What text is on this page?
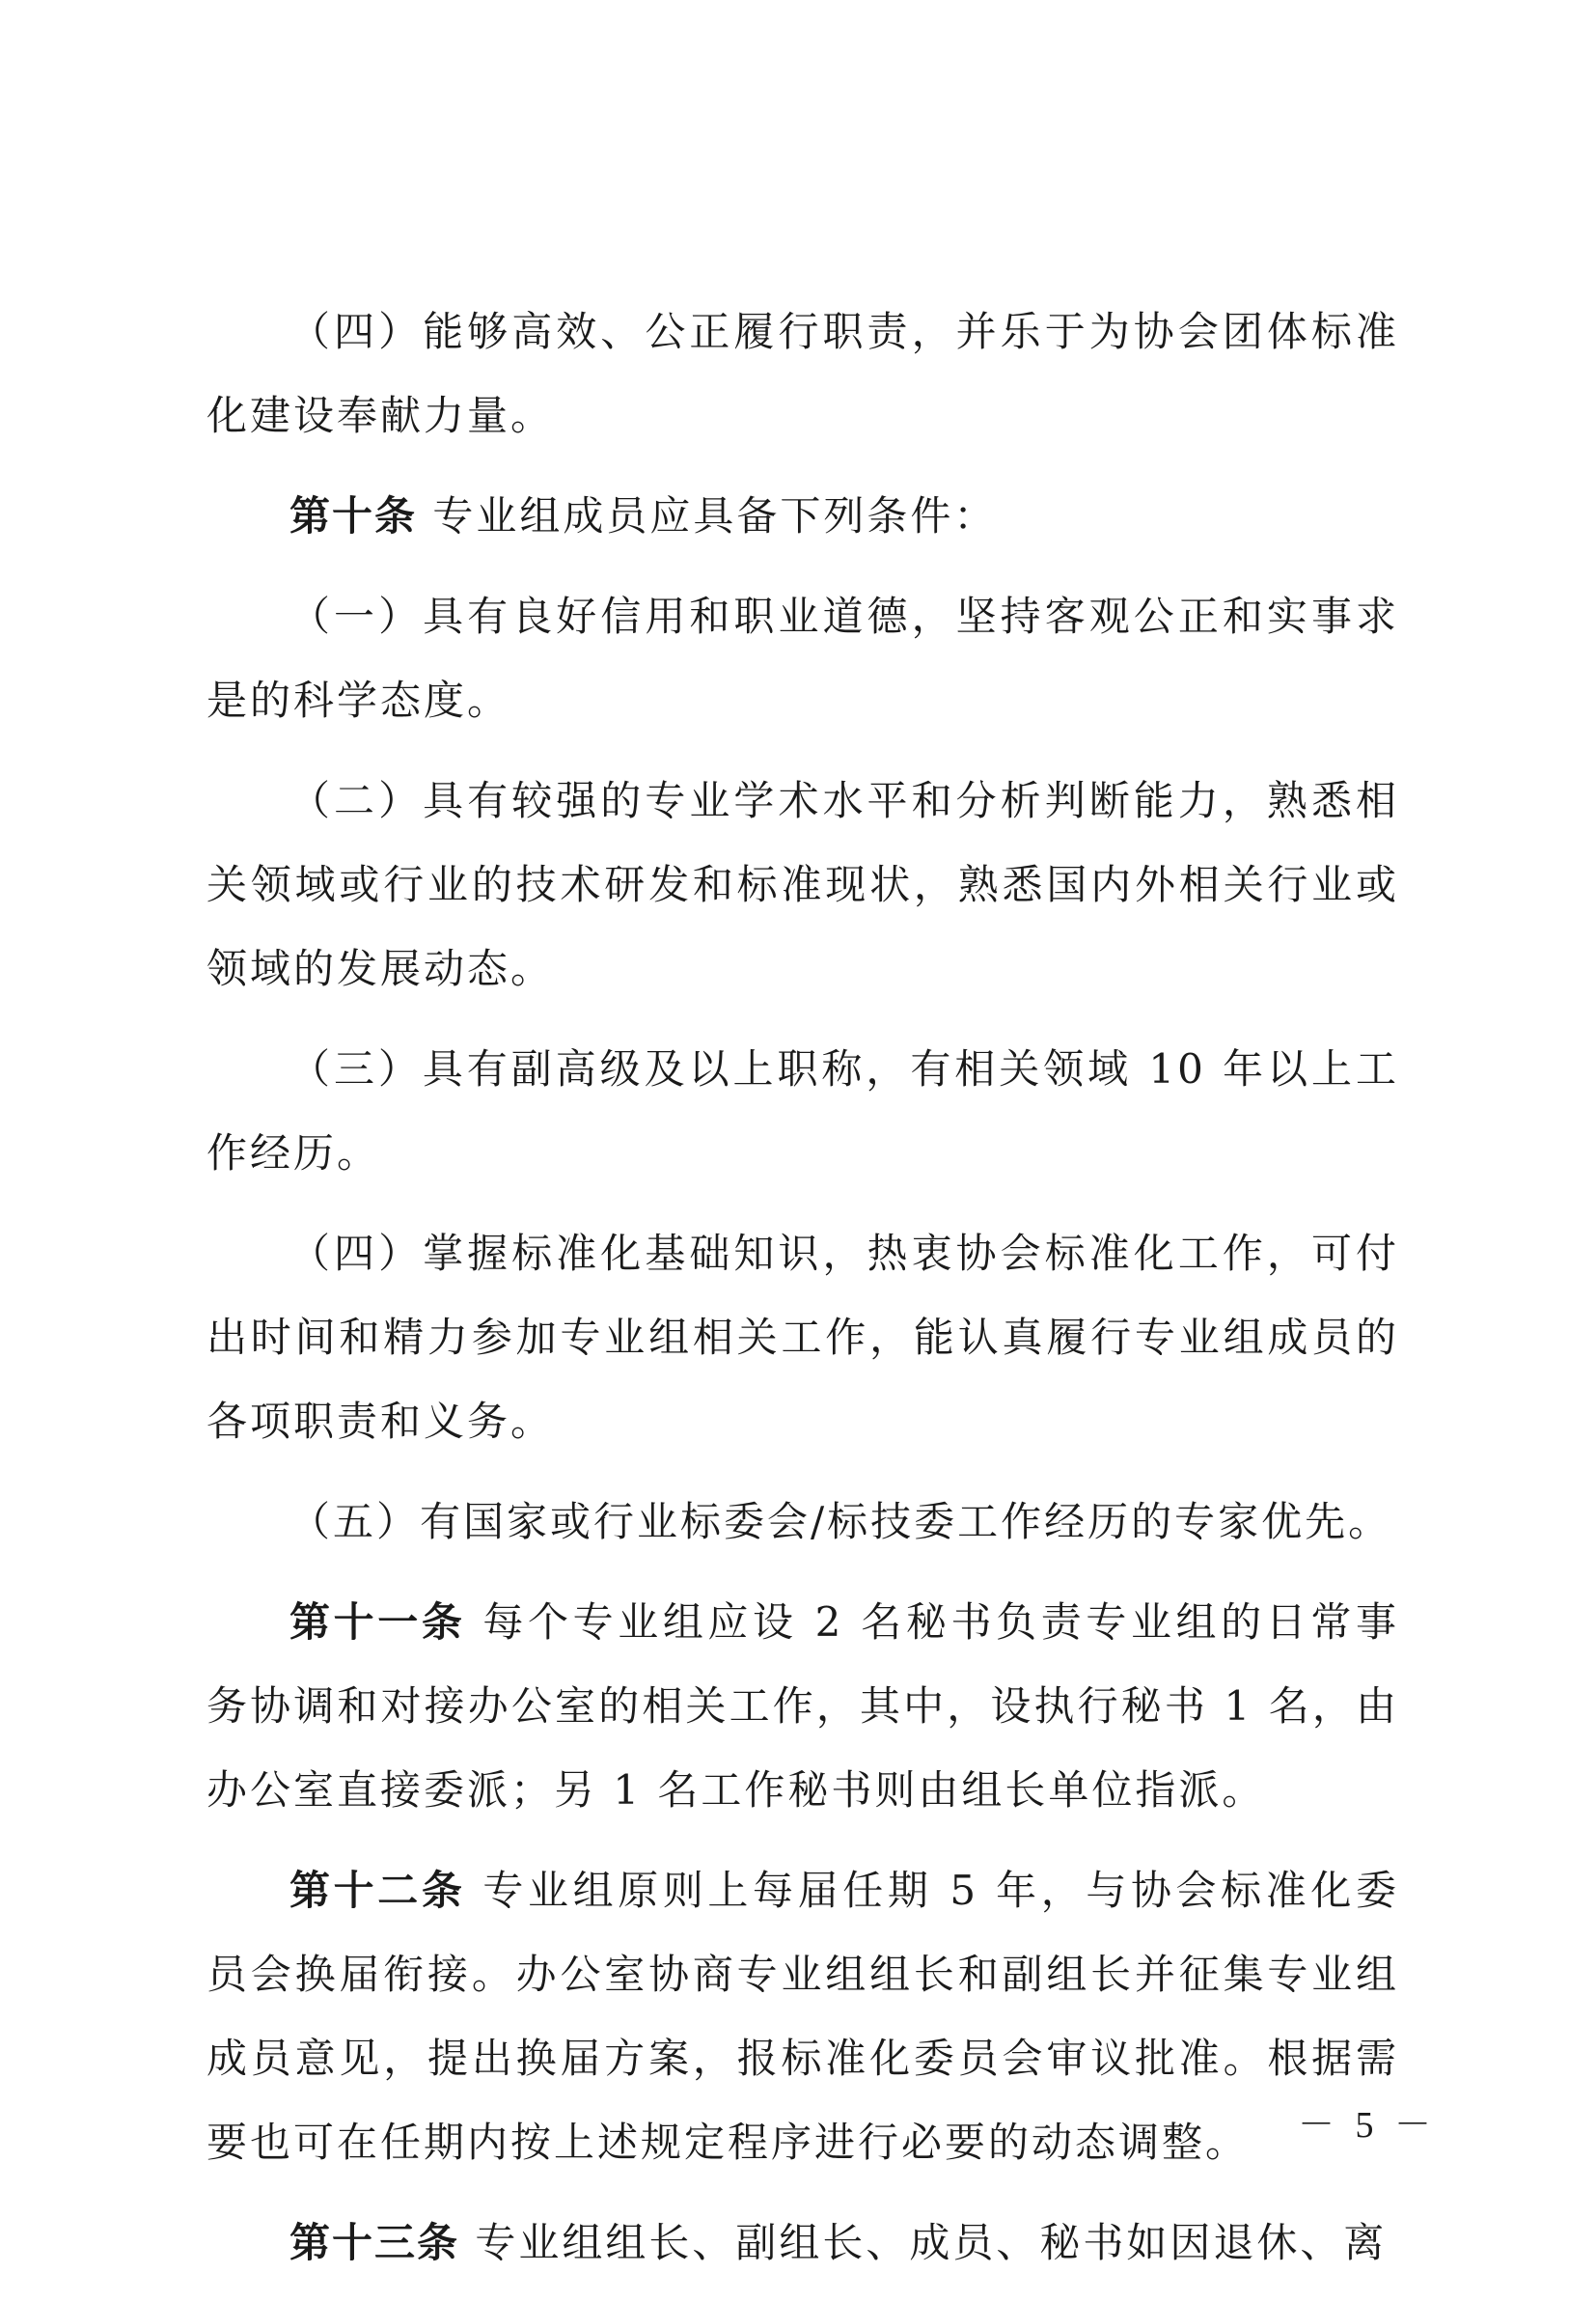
（四）能够高效、公正履行职责，并乐于为协会团体标准化建设奉献力量。

第十条 专业组成员应具备下列条件：

（一）具有良好信用和职业道德，坚持客观公正和实事求是的科学态度。

（二）具有较强的专业学术水平和分析判断能力，熟悉相关领域或行业的技术研发和标准现状，熟悉国内外相关行业或领域的发展动态。

（三）具有副高级及以上职称，有相关领域 10 年以上工作经历。

（四）掌握标准化基础知识，热衷协会标准化工作，可付出时间和精力参加专业组相关工作，能认真履行专业组成员的各项职责和义务。

（五）有国家或行业标委会/标技委工作经历的专家优先。

第十一条 每个专业组应设 2 名秘书负责专业组的日常事务协调和对接办公室的相关工作，其中，设执行秘书 1 名，由办公室直接委派；另 1 名工作秘书则由组长单位指派。

第十二条 专业组原则上每届任期 5 年，与协会标准化委员会换届衔接。办公室协商专业组组长和副组长并征集专业组成员意见，提出换届方案，报标准化委员会审议批准。根据需要也可在任期内按上述规定程序进行必要的动态调整。

第十三条 专业组组长、副组长、成员、秘书如因退休、离

－ 5 －
